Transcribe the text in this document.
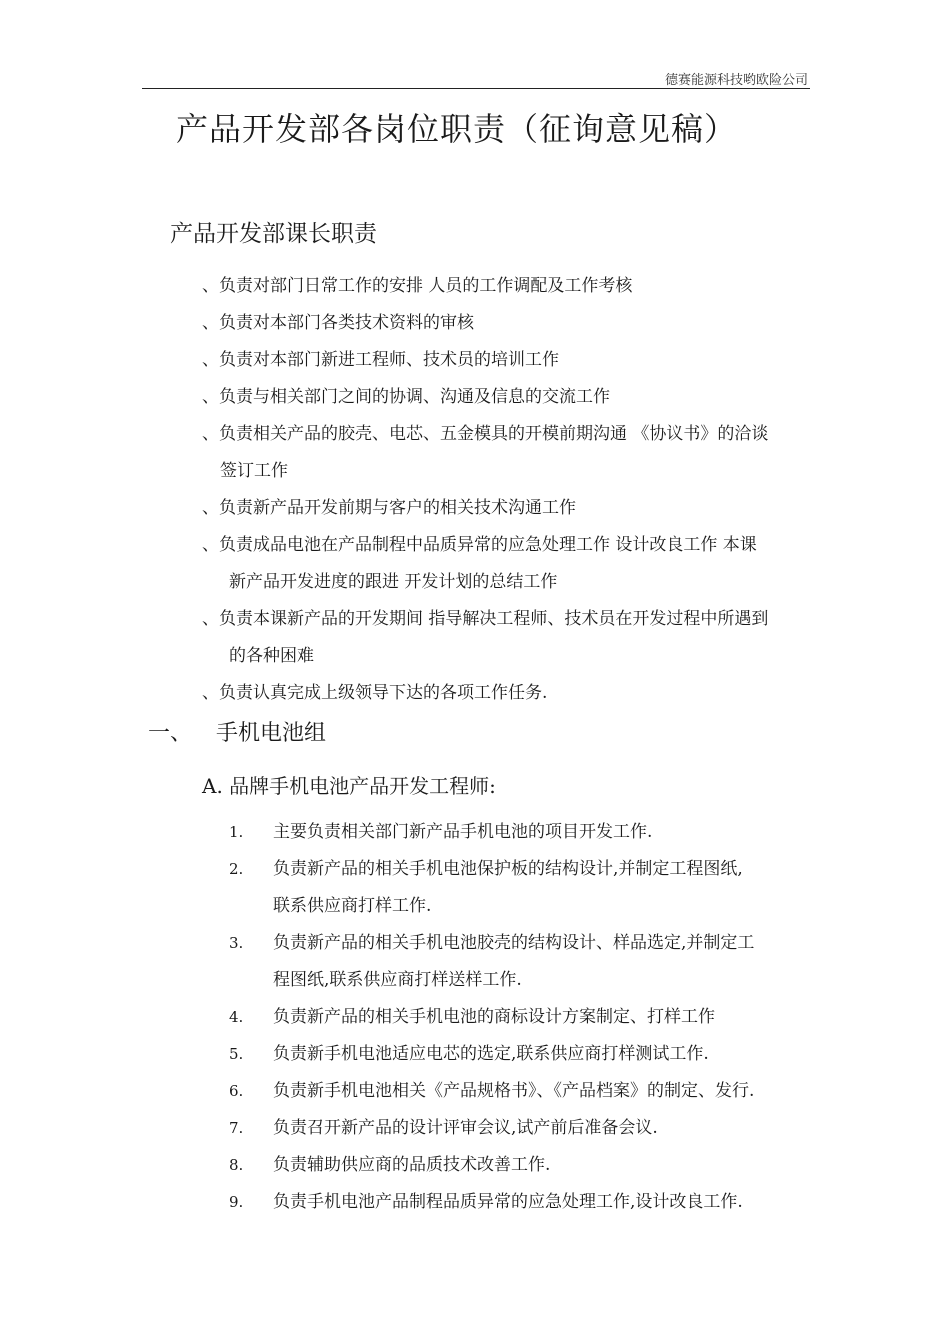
德赛能源科技哟欧险公司
产品开发部各岗位职责（征询意见稿）
产品开发部课长职责
、负责对部门日常工作的安排 人员的工作调配及工作考核
、负责对本部门各类技术资料的审核
、负责对本部门新进工程师、技术员的培训工作
、负责与相关部门之间的协调、沟通及信息的交流工作
、负责相关产品的胶壳、电芯、五金模具的开模前期沟通 《协议书》的洽谈
签订工作
、负责新产品开发前期与客户的相关技术沟通工作
、负责成品电池在产品制程中品质异常的应急处理工作 设计改良工作 本课
新产品开发进度的跟进 开发计划的总结工作
、负责本课新产品的开发期间 指导解决工程师、技术员在开发过程中所遇到
的各种困难
、负责认真完成上级领导下达的各项工作任务.
一、 手机电池组
A. 品牌手机电池产品开发工程师:
1.	主要负责相关部门新产品手机电池的项目开发工作.
2.	负责新产品的相关手机电池保护板的结构设计,并制定工程图纸,
联系供应商打样工作.
3.	负责新产品的相关手机电池胶壳的结构设计、样品选定,并制定工
程图纸,联系供应商打样送样工作.
4.	负责新产品的相关手机电池的商标设计方案制定、打样工作
5.	负责新手机电池适应电芯的选定,联系供应商打样测试工作.
6.	负责新手机电池相关《产品规格书》、《产品档案》的制定、发行.
7.	负责召开新产品的设计评审会议,试产前后准备会议.
8.	负责辅助供应商的品质技术改善工作.
9.	负责手机电池产品制程品质异常的应急处理工作,设计改良工作.
